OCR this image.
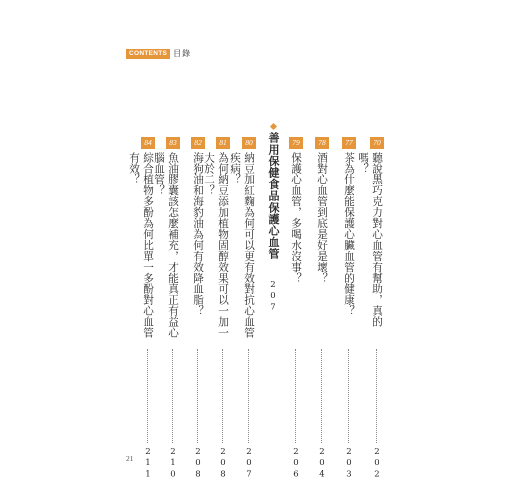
CONTENTS 目錄
70
聽說黑巧克力對心血管有幫助，真的嗎？
202
77
茶為什麼能保護心臟血管的健康？
203
78
酒對心血管到底是好是壞？
204
79
保護心血管，多喝水沒事？
206
善用保健食品保護心血管
207
80
納豆加紅麴為何可以更有效對抗心血管疾病？
207
81
為何納豆添加植物固醇效果可以一加一大於二？
208
82
海狗油和海豹油為何有效降血脂？
208
83
魚油膠囊該怎麼補充，才能真正有益心腦血管？
210
84
綜合植物多酚為何比單一多酚對心血管有效？
211
21
